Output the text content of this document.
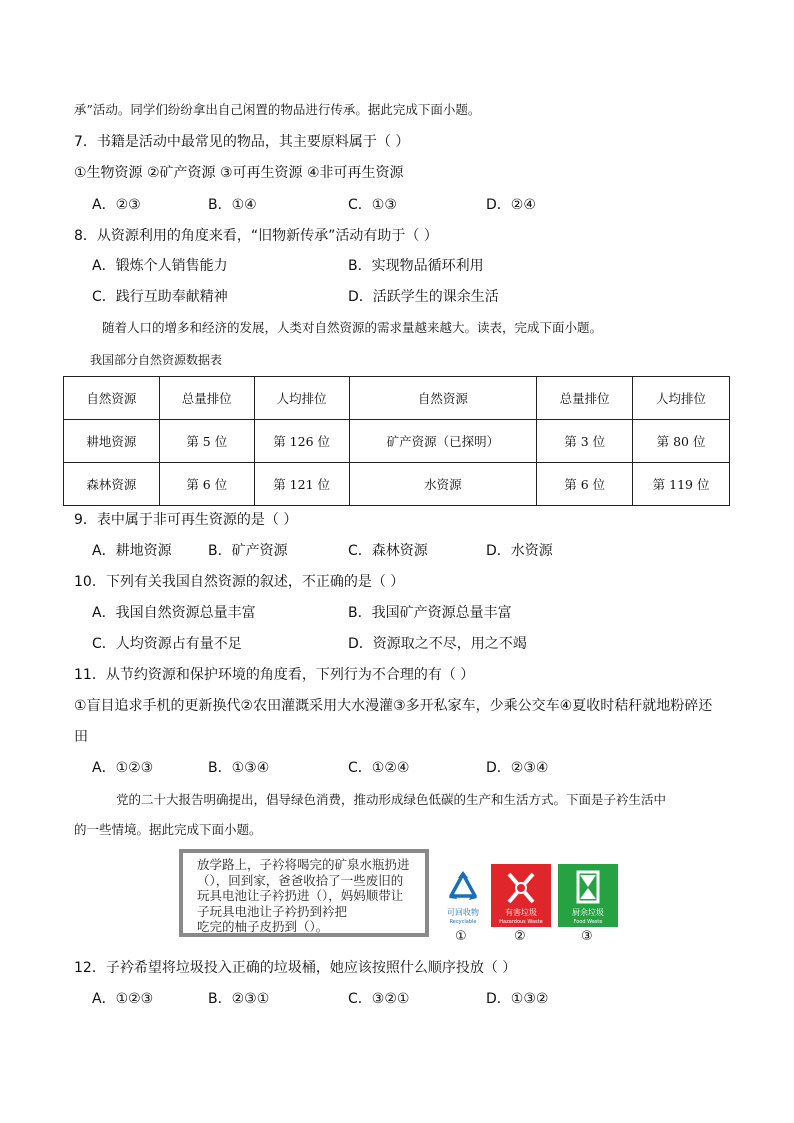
承”活动。同学们纷纷拿出自己闲置的物品进行传承。据此完成下面小题。
7．书籍是活动中最常见的物品，其主要原料属于（ ）
①生物资源 ②矿产资源 ③可再生资源 ④非可再生资源
A．②③	B．①④	C．①③	D．②④
8．从资源利用的角度来看，“旧物新传承”活动有助于（ ）
A．锻炼个人销售能力	B．实现物品循环利用
C．践行互助奉献精神	D．活跃学生的课余生活
随着人口的增多和经济的发展，人类对自然资源的需求量越来越大。读表，完成下面小题。
我国部分自然资源数据表
自然资源	总量排位	人均排位	自然资源	总量排位	人均排位
耕地资源	第 5 位	第 126 位	矿产资源（已探明）	第 3 位	第 80 位
森林资源	第 6 位	第 121 位	水资源	第 6 位	第 119 位
9．表中属于非可再生资源的是（ ）
A．耕地资源	B．矿产资源	C．森林资源	D．水资源
10．下列有关我国自然资源的叙述，不正确的是（ ）
A．我国自然资源总量丰富	B．我国矿产资源总量丰富
C．人均资源占有量不足	D．资源取之不尽，用之不竭
11．从节约资源和保护环境的角度看，下列行为不合理的有（ ）
①盲目追求手机的更新换代②农田灌溉采用大水漫灌③多开私家车，少乘公交车④夏收时秸秆就地粉碎还
田
A．①②③	B．①③④	C．①②④	D．②③④
党的二十大报告明确提出，倡导绿色消费，推动形成绿色低碳的生产和生活方式。下面是子衿生活中
的一些情境。据此完成下面小题。
放学路上，子衿将喝完的矿泉水瓶扔进
（），回到家，爸爸收拾了一些废旧的
玩具电池让子衿扔进（），妈妈顺带让
子玩具电池让子衿扔到衿把
吃完的柚子皮扔到（）。
可回收物
Recyclable
①
有害垃圾
Hazardous Waste
②
厨余垃圾
Food Waste
③
12．子衿希望将垃圾投入正确的垃圾桶，她应该按照什么顺序投放（ ）
A．①②③	B．②③①	C．③②①	D．①③②
